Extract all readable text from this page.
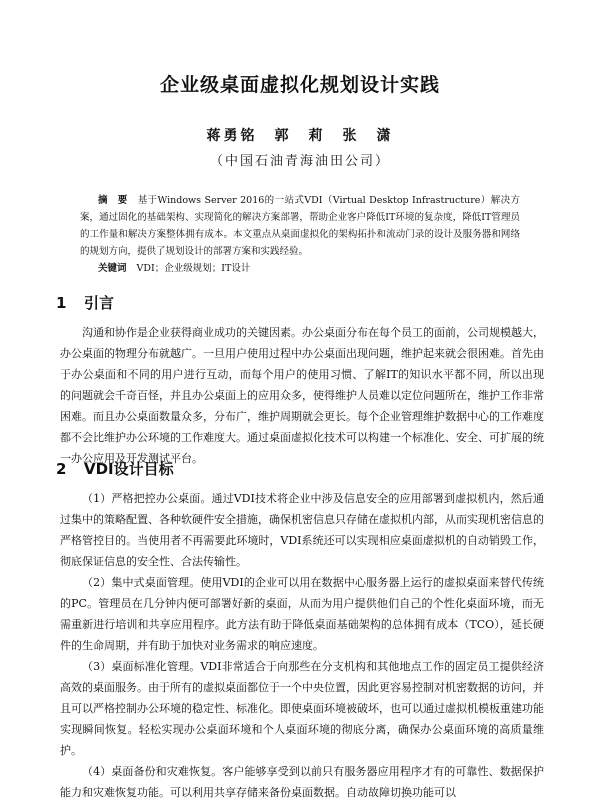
企业级桌面虚拟化规划设计实践
蒋勇铭　郭　莉　张　潇
（中国石油青海油田公司）
摘　要 基于Windows Server 2016的一站式VDI（Virtual Desktop Infrastructure）解决方案，通过固化的基础架构、实现简化的解决方案部署，帮助企业客户降低IT环境的复杂度，降低IT管理员的工作量和解决方案整体拥有成本。本文重点从桌面虚拟化的架构拓扑和流动门录的设计及服务器和网络的规划方向，提供了规划设计的部署方案和实践经验。
关键词 VDI；企业级规划；IT设计
1 引言

沟通和协作是企业获得商业成功的关键因素。办公桌面分布在每个员工的面前，公司规模越大，办公桌面的物理分布就越广。一旦用户使用过程中办公桌面出现问题，维护起来就会很困难。首先由于办公桌面和不同的用户进行互动，而每个用户的使用习惯、了解IT的知识水平都不同，所以出现的问题就会千奇百怪，并且办公桌面上的应用众多，使得维护人员难以定位问题所在，维护工作非常困难。而且办公桌面数量众多，分布广，维护周期就会更长。每个企业管理维护数据中心的工作难度都不会比维护办公环境的工作难度大。通过桌面虚拟化技术可以构建一个标准化、安全、可扩展的统一办公应用及开发测试平台。

2 VDI设计目标

（1）严格把控办公桌面。通过VDI技术将企业中涉及信息安全的应用部署到虚拟机内，然后通过集中的策略配置、各种软硬件安全措施，确保机密信息只存储在虚拟机内部，从而实现机密信息的严格管控目的。当使用者不再需要此环境时，VDI系统还可以实现相应桌面虚拟机的自动销毁工作，彻底保证信息的安全性、合法传输性。

（2）集中式桌面管理。使用VDI的企业可以用在数据中心服务器上运行的虚拟桌面来替代传统的PC。管理员在几分钟内便可部署好新的桌面，从而为用户提供他们自己的个性化桌面环境，而无需重新进行培训和共享应用程序。此方法有助于降低桌面基础架构的总体拥有成本（TCO），延长硬件的生命周期，并有助于加快对业务需求的响应速度。

（3）桌面标准化管理。VDI非常适合于向那些在分支机构和其他地点工作的固定员工提供经济高效的桌面服务。由于所有的虚拟桌面都位于一个中央位置，因此更容易控制对机密数据的访问，并且可以严格控制办公环境的稳定性、标准化。即使桌面环境被破坏，也可以通过虚拟机模板重建功能实现瞬间恢复。轻松实现办公桌面环境和个人桌面环境的彻底分离，确保办公桌面环境的高质量维护。

（4）桌面备份和灾难恢复。客户能够享受到以前只有服务器应用程序才有的可靠性、数据保护能力和灾难恢复功能。可以利用共享存储来备份桌面数据。自动故障切换功能可以
